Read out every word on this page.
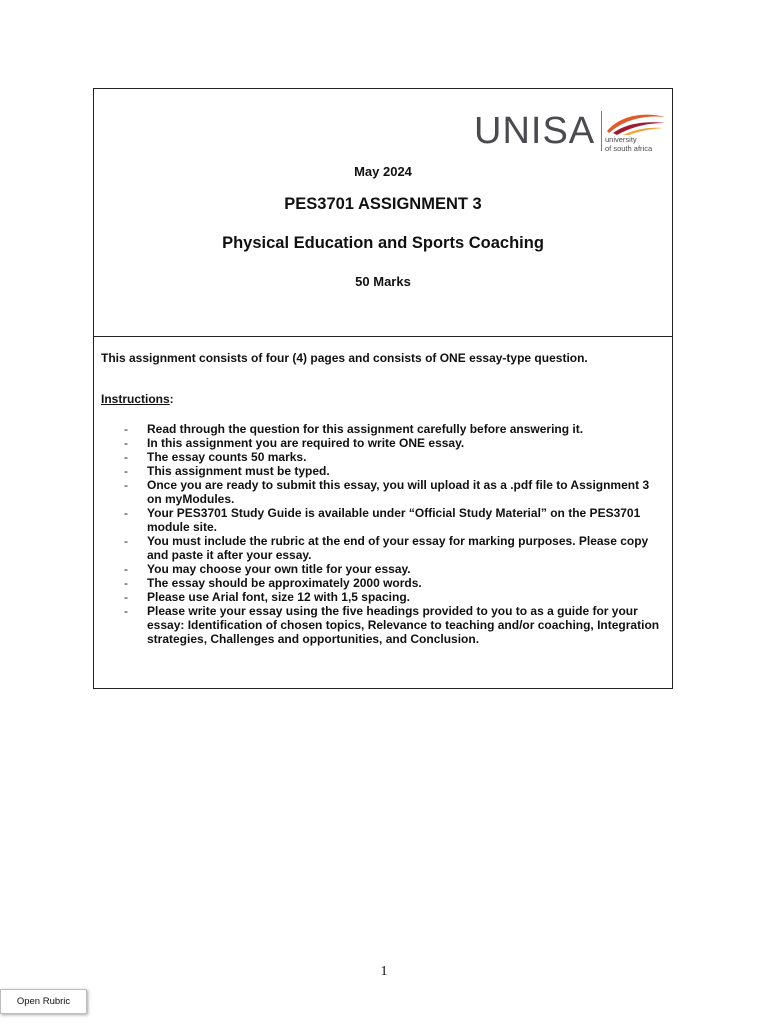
UNISA university
of south africa
May 2024
PES3701 ASSIGNMENT 3
Physical Education and Sports Coaching
50 Marks

This assignment consists of four (4) pages and consists of ONE essay-type question.

Instructions:

- Read through the question for this assignment carefully before answering it.
- In this assignment you are required to write ONE essay.
- The essay counts 50 marks.
- This assignment must be typed.
- Once you are ready to submit this essay, you will upload it as a .pdf file to Assignment 3 on myModules.
- Your PES3701 Study Guide is available under “Official Study Material” on the PES3701 module site.
- You must include the rubric at the end of your essay for marking purposes. Please copy and paste it after your essay.
- You may choose your own title for your essay.
- The essay should be approximately 2000 words.
- Please use Arial font, size 12 with 1,5 spacing.
- Please write your essay using the five headings provided to you to as a guide for your essay: Identification of chosen topics, Relevance to teaching and/or coaching, Integration strategies, Challenges and opportunities, and Conclusion.
1
Open Rubric
